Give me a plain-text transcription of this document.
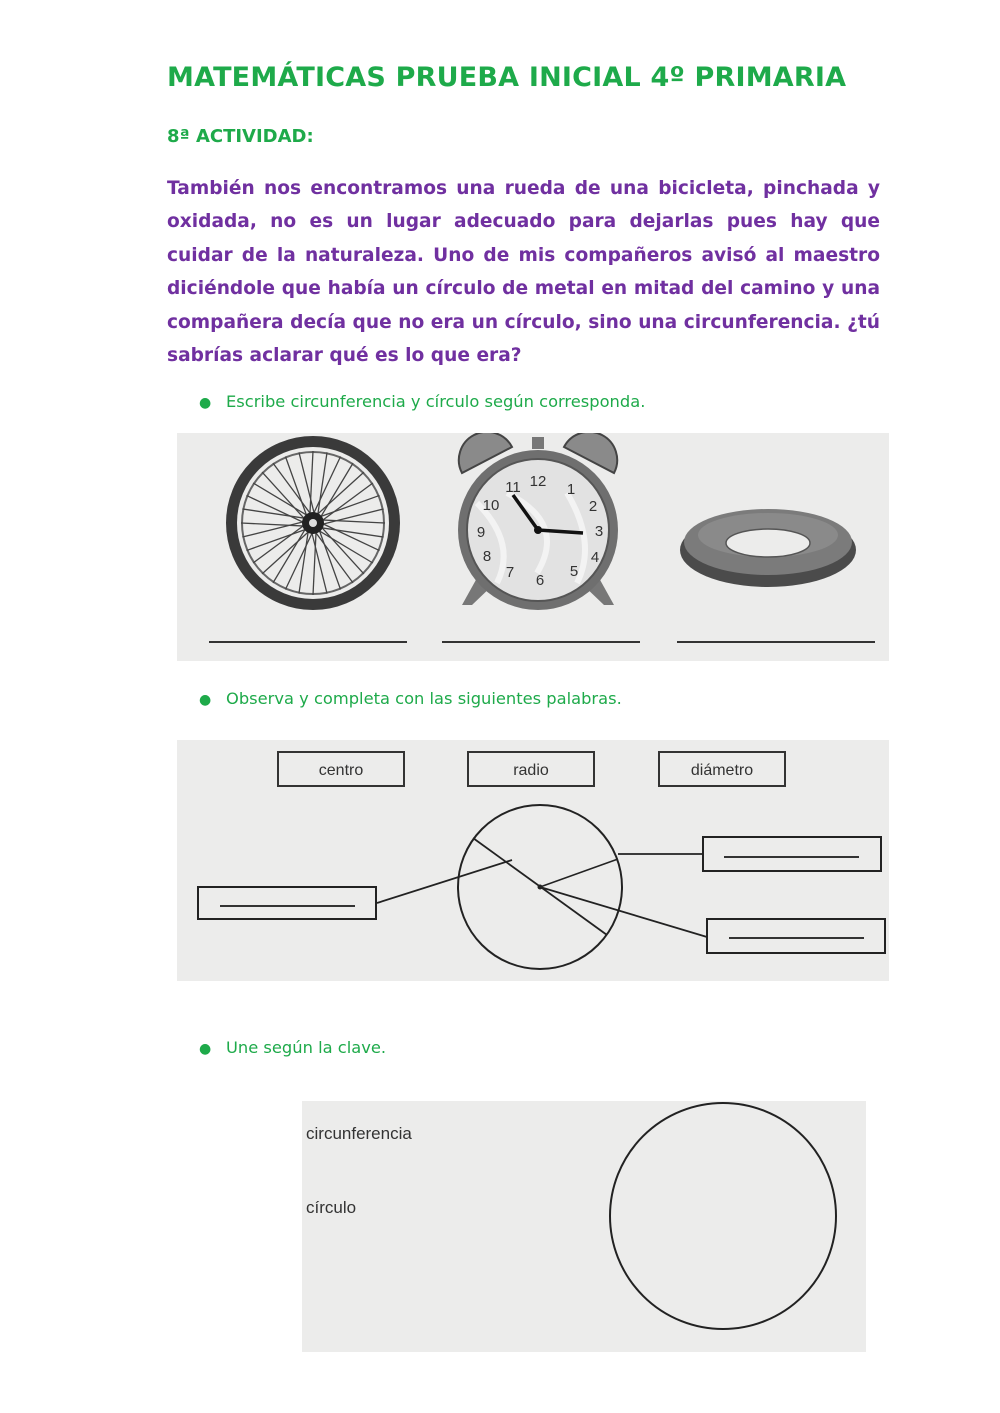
MATEMÁTICAS PRUEBA INICIAL 4º PRIMARIA
8ª ACTIVIDAD:

También nos encontramos una rueda de una bicicleta, pinchada y oxidada, no es un lugar adecuado para dejarlas pues hay que cuidar de la naturaleza. Uno de mis compañeros avisó al maestro diciéndole que había un círculo de metal en mitad del camino y una compañera decía que no era un círculo, sino una circunferencia. ¿tú sabrías aclarar qué es lo que era?

● Escribe circunferencia y círculo según corresponda.
12 1
2
3
4
5
6
7
8
9
10
11
● Observa y completa con las siguientes palabras.
centro	radio	diámetro
● Une según la clave.
circunferencia
círculo
